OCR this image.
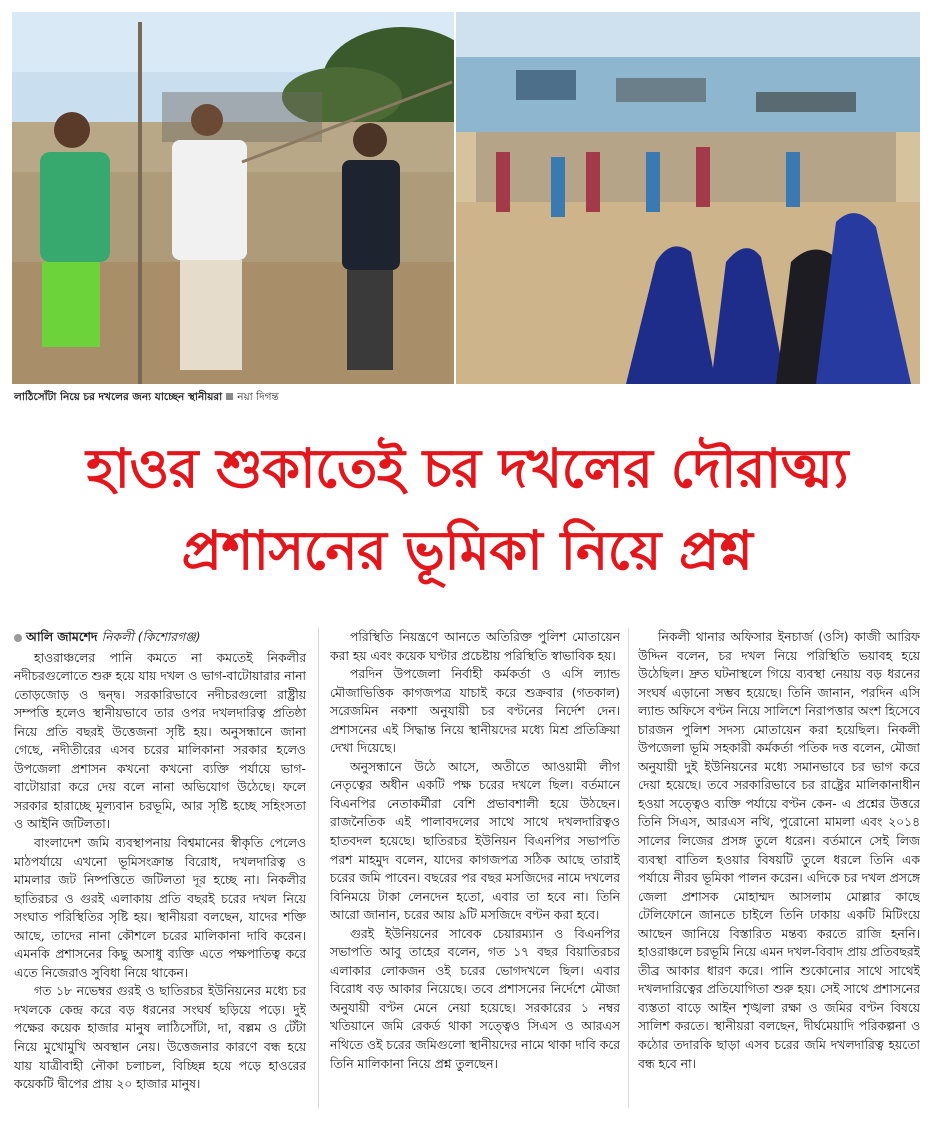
লাঠিসোঁটা নিয়ে চর দখলের জন্য যাচ্ছেন স্থানীয়রা নয়া দিগন্ত
হাওর শুকাতেই চর দখলের দৌরাত্ম্য
প্রশাসনের ভূমিকা নিয়ে প্রশ্ন

আলি জামশেদ নিকলী (কিশোরগঞ্জ)

হাওরাঞ্চলের পানি কমতে না কমতেই নিকলীর নদীচরগুলোতে শুরু হয়ে যায় দখল ও ভাগ-বাটোয়ারার নানা তোড়জোড় ও দ্বন্দ্ব। সরকারিভাবে নদীচরগুলো রাষ্ট্রীয় সম্পত্তি হলেও স্থানীয়ভাবে তার ওপর দখলদারিত্ব প্রতিষ্ঠা নিয়ে প্রতি বছরই উত্তেজনা সৃষ্টি হয়। অনুসন্ধানে জানা গেছে, নদীতীরের এসব চরের মালিকানা সরকার হলেও উপজেলা প্রশাসন কখনো কখনো ব্যক্তি পর্যায়ে ভাগ-বাটোয়ারা করে দেয় বলে নানা অভিযোগ উঠেছে। ফলে সরকার হারাচ্ছে মূল্যবান চরভূমি, আর সৃষ্টি হচ্ছে সহিংসতা ও আইনি জটিলতা।

বাংলাদেশ জমি ব্যবস্থাপনায় বিশ্বমানের স্বীকৃতি পেলেও মাঠপর্যায়ে এখনো ভূমিসংক্রান্ত বিরোধ, দখলদারিত্ব ও মামলার জট নিষ্পত্তিতে জটিলতা দূর হচ্ছে না। নিকলীর ছাতিরচর ও গুরই এলাকায় প্রতি বছরই চরের দখল নিয়ে সংঘাত পরিস্থিতির সৃষ্টি হয়। স্থানীয়রা বলছেন, যাদের শক্তি আছে, তাদের নানা কৌশলে চরের মালিকানা দাবি করেন। এমনকি প্রশাসনের কিছু অসাধু ব্যক্তি এতে পক্ষপাতিত্ব করে এতে নিজেরাও সুবিধা নিয়ে থাকেন।

গত ১৮ নভেম্বর গুরই ও ছাতিরচর ইউনিয়নের মধ্যে চর দখলকে কেন্দ্র করে বড় ধরনের সংঘর্ষ ছড়িয়ে পড়ে। দুই পক্ষের কয়েক হাজার মানুষ লাঠিসোঁটা, দা, বল্লম ও টেঁটা নিয়ে মুখোমুখি অবস্থান নেয়। উত্তেজনার কারণে বন্ধ হয়ে যায় যাত্রীবাহী নৌকা চলাচল, বিচ্ছিন্ন হয়ে পড়ে হাওরের কয়েকটি দ্বীপের প্রায় ২০ হাজার মানুষ।

পরিস্থিতি নিয়ন্ত্রণে আনতে অতিরিক্ত পুলিশ মোতায়েন করা হয় এবং কয়েক ঘণ্টার প্রচেষ্টায় পরিস্থিতি স্বাভাবিক হয়।

পরদিন উপজেলা নির্বাহী কর্মকর্তা ও এসি ল্যান্ড মৌজাভিত্তিক কাগজপত্র যাচাই করে শুক্রবার (গতকাল) সরেজমিন নকশা অনুযায়ী চর বণ্টনের নির্দেশ দেন। প্রশাসনের এই সিদ্ধান্ত নিয়ে স্থানীয়দের মধ্যে মিশ্র প্রতিক্রিয়া দেখা দিয়েছে।

অনুসন্ধানে উঠে আসে, অতীতে আওয়ামী লীগ নেতৃত্বের অধীন একটি পক্ষ চরের দখলে ছিল। বর্তমানে বিএনপির নেতাকর্মীরা বেশি প্রভাবশালী হয়ে উঠছেন। রাজনৈতিক এই পালাবদলের সাথে সাথে দখলদারিত্বও হাতবদল হয়েছে। ছাতিরচর ইউনিয়ন বিএনপির সভাপতি পরশ মাহমুদ বলেন, যাদের কাগজপত্র সঠিক আছে তারাই চরের জমি পাবেন। বছরের পর বছর মসজিদের নামে দখলের বিনিময়ে টাকা লেনদেন হতো, এবার তা হবে না। তিনি আরো জানান, চরের আয় ৯টি মসজিদে বণ্টন করা হবে।

গুরই ইউনিয়নের সাবেক চেয়ারম্যান ও বিএনপির সভাপতি আবু তাহের বলেন, গত ১৭ বছর বিয়াতিরচর এলাকার লোকজন ওই চরের ভোগদখলে ছিল। এবার বিরোধ বড় আকার নিয়েছে। তবে প্রশাসনের নির্দেশে মৌজা অনুযায়ী বণ্টন মেনে নেয়া হয়েছে। সরকারের ১ নম্বর খতিয়ানে জমি রেকর্ড থাকা সত্ত্বেও সিএস ও আরএস নথিতে ওই চরের জমিগুলো স্থানীয়দের নামে থাকা দাবি করে তিনি মালিকানা নিয়ে প্রশ্ন তুলছেন।

নিকলী থানার অফিসার ইনচার্জ (ওসি) কাজী আরিফ উদ্দিন বলেন, চর দখল নিয়ে পরিস্থিতি ভয়াবহ হয়ে উঠেছিল। দ্রুত ঘটনাস্থলে গিয়ে ব্যবস্থা নেয়ায় বড় ধরনের সংঘর্ষ এড়ানো সম্ভব হয়েছে। তিনি জানান, পরদিন এসি ল্যান্ড অফিসে বণ্টন নিয়ে সালিশে নিরাপত্তার অংশ হিসেবে চারজন পুলিশ সদস্য মোতায়েন করা হয়েছিল। নিকলী উপজেলা ভূমি সহকারী কর্মকর্তা পতিক দত্ত বলেন, মৌজা অনুযায়ী দুই ইউনিয়নের মধ্যে সমানভাবে চর ভাগ করে দেয়া হয়েছে। তবে সরকারিভাবে চর রাষ্ট্রের মালিকানাধীন হওয়া সত্ত্বেও ব্যক্তি পর্যায়ে বণ্টন কেন- এ প্রশ্নের উত্তরে তিনি সিএস, আরএস নথি, পুরোনো মামলা এবং ২০১৪ সালের লিজের প্রসঙ্গ তুলে ধরেন। বর্তমানে সেই লিজ ব্যবস্থা বাতিল হওয়ার বিষয়টি তুলে ধরলে তিনি এক পর্যায়ে নীরব ভূমিকা পালন করেন। এদিকে চর দখল প্রসঙ্গে জেলা প্রশাসক মোহাম্মদ আসলাম মোল্লার কাছে টেলিফোনে জানতে চাইলে তিনি ঢাকায় একটি মিটিংয়ে আছেন জানিয়ে বিস্তারিত মন্তব্য করতে রাজি হননি। হাওরাঞ্চলে চরভূমি নিয়ে এমন দখল-বিবাদ প্রায় প্রতিবছরই তীব্র আকার ধারণ করে। পানি শুকোনোর সাথে সাথেই দখলদারিত্বের প্রতিযোগিতা শুরু হয়। সেই সাথে প্রশাসনের ব্যস্ততা বাড়ে আইন শৃঙ্খলা রক্ষা ও জমির বণ্টন বিষয়ে সালিশ করতে। স্থানীয়রা বলছেন, দীর্ঘমেয়াদি পরিকল্পনা ও কঠোর তদারকি ছাড়া এসব চরের জমি দখলদারিত্ব হয়তো বন্ধ হবে না।
